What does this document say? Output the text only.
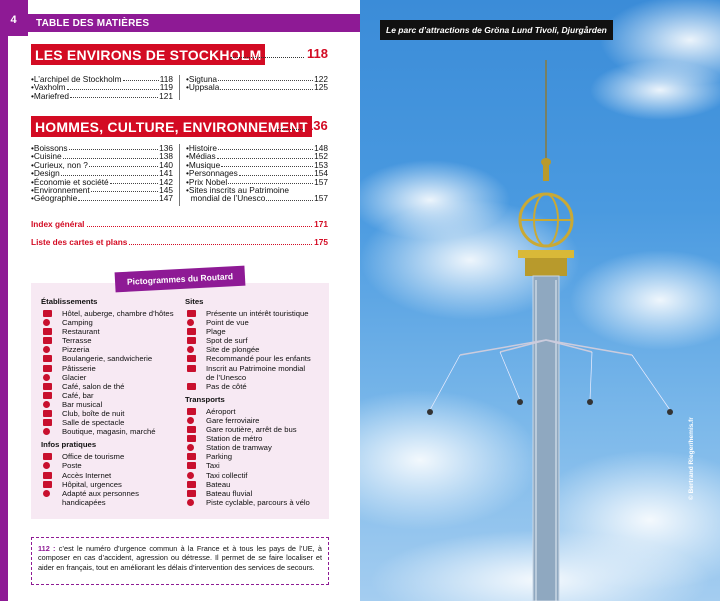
4	TABLE DES MATIÈRES
LES ENVIRONS DE STOCKHOLM	118
• L’archipel de Stockholm	118
• Vaxholm	119
• Mariefred	121
• Sigtuna	122
• Uppsala	125
HOMMES, CULTURE, ENVIRONNEMENT
136
• Boissons	136
• Cuisine	138
• Curieux, non ?	140
• Design	141
• Économie et société	142
• Environnement	145
• Géographie	147
• Histoire	148
• Médias	152
• Musique	153
• Personnages	154
• Prix Nobel	157
• Sites inscrits au Patrimoine

mondial de l’Unesco	157
Index général	171
Liste des cartes et plans	175
Pictogrammes du Routard
Établissements
Hôtel, auberge, chambre d’hôtes
Camping
Restaurant
Terrasse
Pizzeria
Boulangerie, sandwicherie
Pâtisserie
Glacier
Café, salon de thé
Café, bar
Bar musical
Club, boîte de nuit
Salle de spectacle
Boutique, magasin, marché
Infos pratiques
Office de tourisme
Poste
Accès Internet
Hôpital, urgences
Adapté aux personnes
handicapées
Sites
Présente un intérêt touristique
Point de vue
Plage
Spot de surf
Site de plongée
Recommandé pour les enfants
Inscrit au Patrimoine mondial
de l’Unesco
Pas de côté
Transports
Aéroport
Gare ferroviaire
Gare routière, arrêt de bus
Station de métro
Station de tramway
Parking
Taxi
Taxi collectif
Bateau
Bateau fluvial
Piste cyclable, parcours à vélo
112 : c’est le numéro d’urgence commun à la France et à tous les pays de l’UE, à composer en cas d’accident, agression ou détresse. Il permet de se faire localiser et aider en français, tout en améliorant les délais d’intervention des services de secours.
Le parc d’attractions de Gröna Lund Tivoli, Djurgården
© Bertrand Rieger/hemis.fr
